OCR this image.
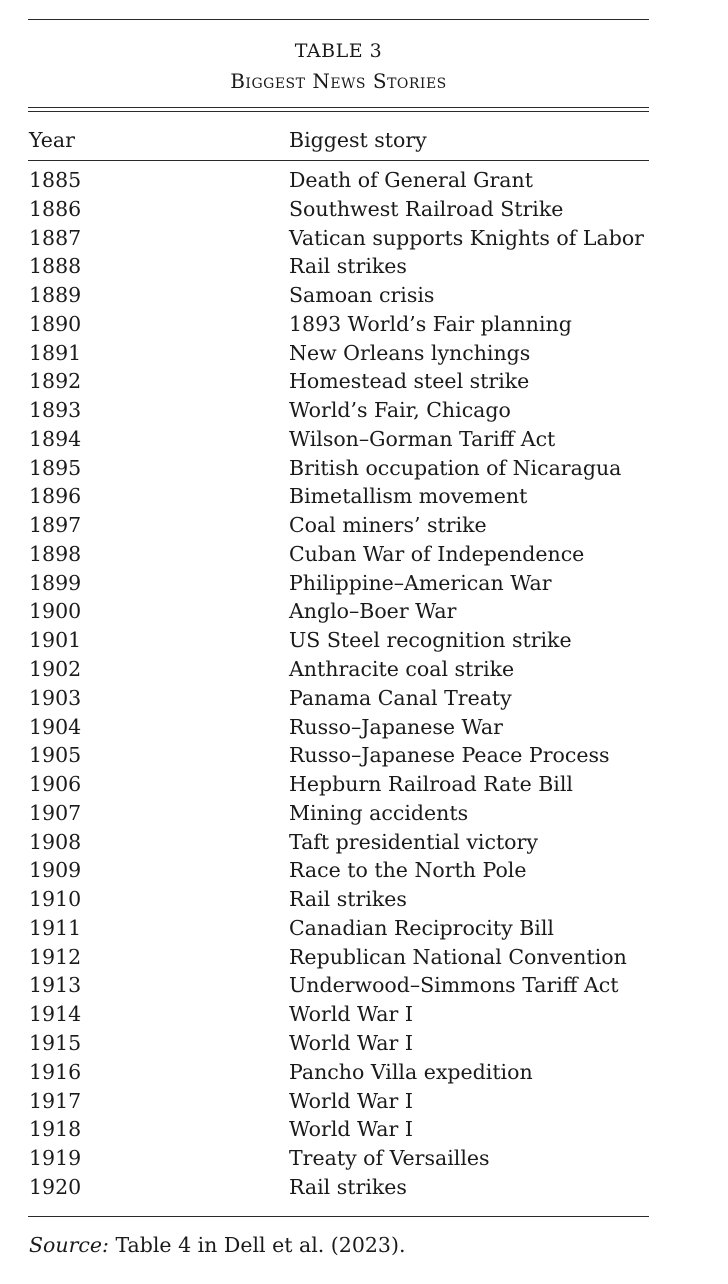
TABLE 3
Biggest News Stories
Year	Biggest story
1885	Death of General Grant
1886	Southwest Railroad Strike
1887	Vatican supports Knights of Labor
1888	Rail strikes
1889	Samoan crisis
1890	1893 World’s Fair planning
1891	New Orleans lynchings
1892	Homestead steel strike
1893	World’s Fair, Chicago
1894	Wilson–Gorman Tariff Act
1895	British occupation of Nicaragua
1896	Bimetallism movement
1897	Coal miners’ strike
1898	Cuban War of Independence
1899	Philippine–American War
1900	Anglo–Boer War
1901	US Steel recognition strike
1902	Anthracite coal strike
1903	Panama Canal Treaty
1904	Russo–Japanese War
1905	Russo–Japanese Peace Process
1906	Hepburn Railroad Rate Bill
1907	Mining accidents
1908	Taft presidential victory
1909	Race to the North Pole
1910	Rail strikes
1911	Canadian Reciprocity Bill
1912	Republican National Convention
1913	Underwood–Simmons Tariff Act
1914	World War I
1915	World War I
1916	Pancho Villa expedition
1917	World War I
1918	World War I
1919	Treaty of Versailles
1920	Rail strikes
Source: Table 4 in Dell et al. (2023).
